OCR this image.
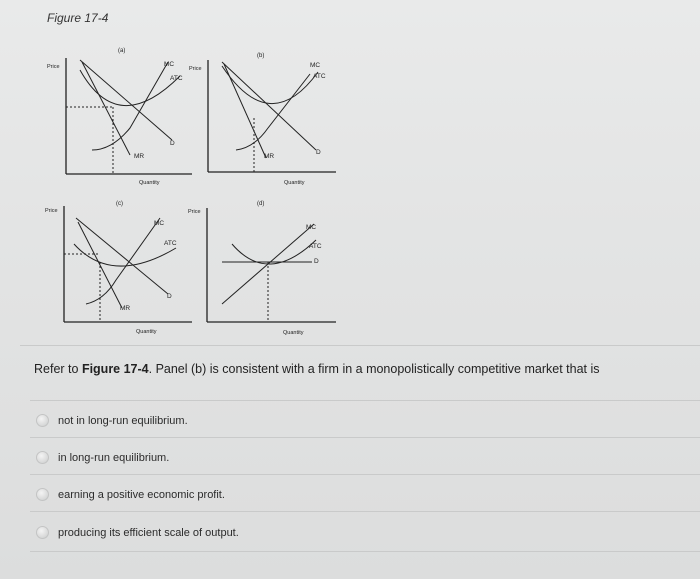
Figure 17-4
(a)
Price	MC
ATC
D
MR
Quantity
(b)
Price	MC
ATC
D
MR
Quantity
(c)
Price
MC
ATC
D
MR
Quantity
(d)
Price
MC
ATC
D
Quantity
Refer to Figure 17-4. Panel (b) is consistent with a firm in a monopolistically competitive market that is
not in long-run equilibrium.
in long-run equilibrium.
earning a positive economic profit.
producing its efficient scale of output.
